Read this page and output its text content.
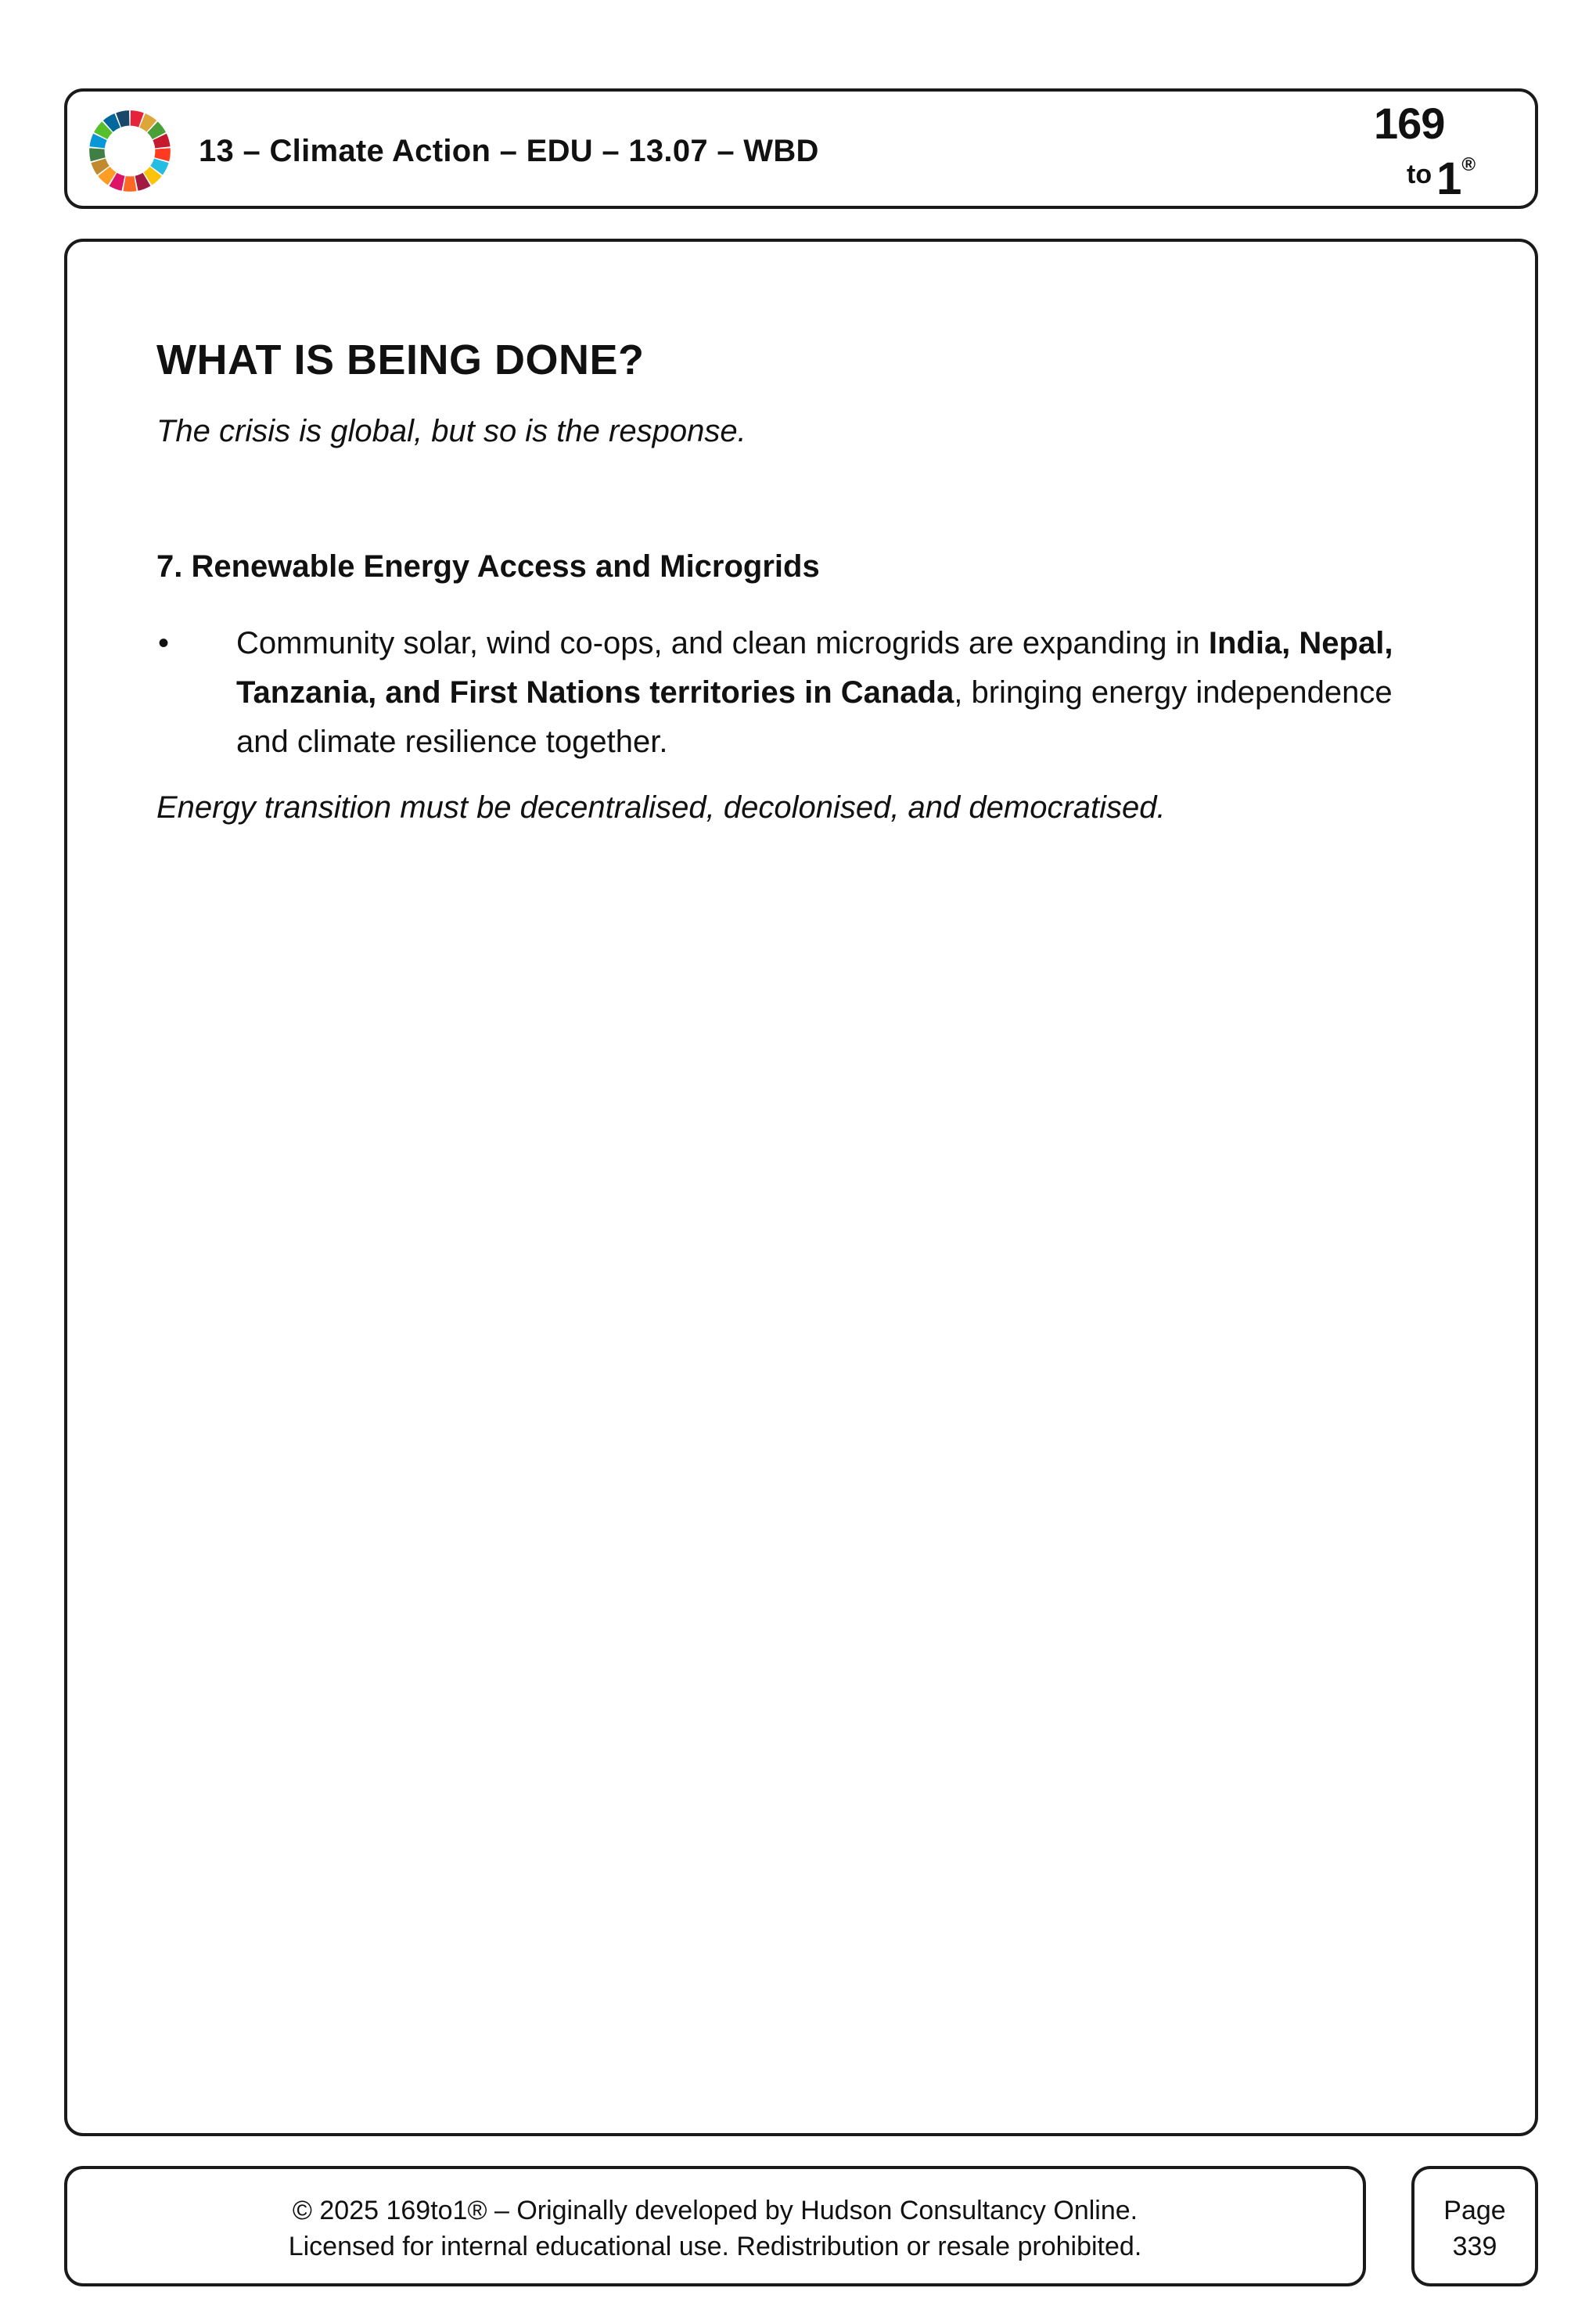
13 – Climate Action – EDU – 13.07 – WBD
169
to 1®
WHAT IS BEING DONE?

The crisis is global, but so is the response.

7. Renewable Energy Access and Microgrids

• Community solar, wind co-ops, and clean microgrids are expanding in India, Nepal, Tanzania, and First Nations territories in Canada, bringing energy independence and climate resilience together.

Energy transition must be decentralised, decolonised, and democratised.

© 2025 169to1® – Originally developed by Hudson Consultancy Online.
Licensed for internal educational use. Redistribution or resale prohibited.
Page
339
